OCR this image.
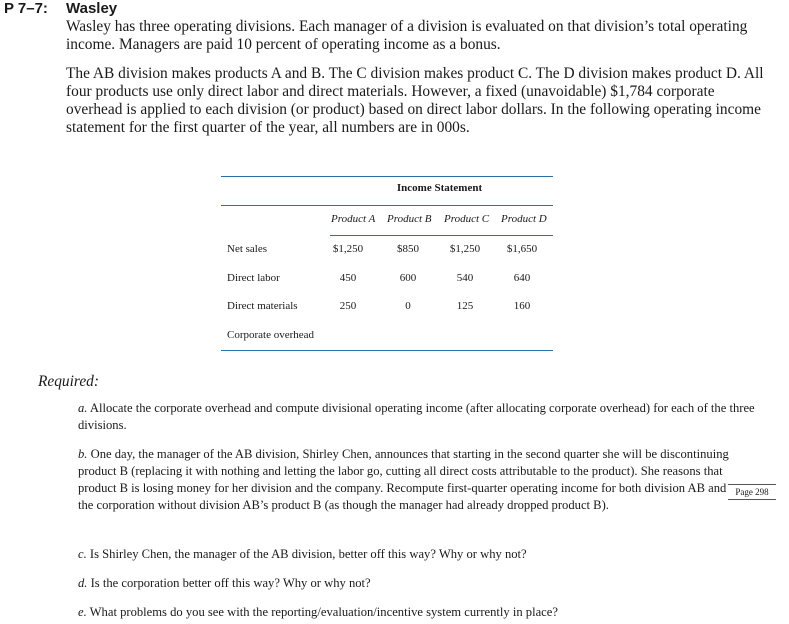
P 7–7: Wasley
Wasley has three operating divisions. Each manager of a division is evaluated on that division’s total operating income. Managers are paid 10 percent of operating income as a bonus.
The AB division makes products A and B. The C division makes product C. The D division makes product D. All four products use only direct labor and direct materials. However, a fixed (unavoidable) $1,784 corporate overhead is applied to each division (or product) based on direct labor dollars. In the following operating income statement for the first quarter of the year, all numbers are in 000s.
Income Statement
Product A Product B Product C Product D
Net sales	$1,250	$850	$1,250	$1,650
Direct labor	450	600	540	640
Direct materials	250	0	125	160
Corporate overhead
Required:
a. Allocate the corporate overhead and compute divisional operating income (after allocating corporate overhead) for each of the three divisions.
b. One day, the manager of the AB division, Shirley Chen, announces that starting in the second quarter she will be discontinuing product B (replacing it with nothing and letting the labor go, cutting all direct costs attributable to the product). She reasons that product B is losing money for her division and the company. Recompute first-quarter operating income for both division AB and the corporation without division AB’s product B (as though the manager had already dropped product B).
c. Is Shirley Chen, the manager of the AB division, better off this way? Why or why not?
d. Is the corporation better off this way? Why or why not?
e. What problems do you see with the reporting/evaluation/incentive system currently in place?
Page 298
